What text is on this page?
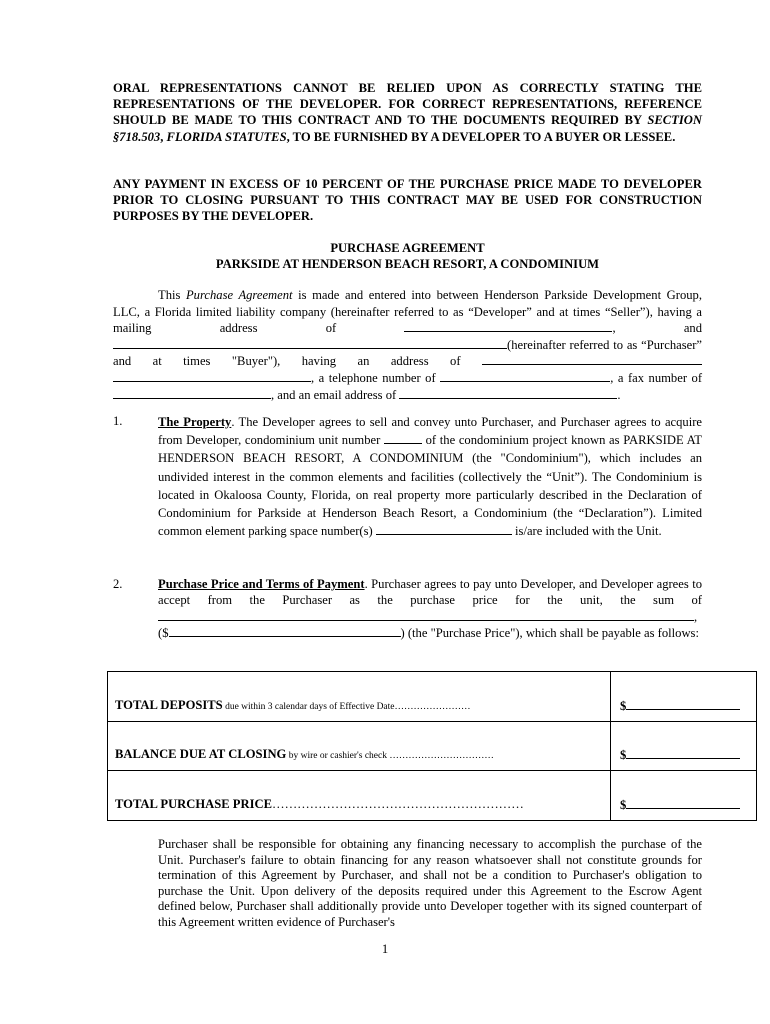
ORAL REPRESENTATIONS CANNOT BE RELIED UPON AS CORRECTLY STATING THE REPRESENTATIONS OF THE DEVELOPER. FOR CORRECT REPRESENTATIONS, REFERENCE SHOULD BE MADE TO THIS CONTRACT AND TO THE DOCUMENTS REQUIRED BY SECTION §718.503, FLORIDA STATUTES, TO BE FURNISHED BY A DEVELOPER TO A BUYER OR LESSEE.
ANY PAYMENT IN EXCESS OF 10 PERCENT OF THE PURCHASE PRICE MADE TO DEVELOPER PRIOR TO CLOSING PURSUANT TO THIS CONTRACT MAY BE USED FOR CONSTRUCTION PURPOSES BY THE DEVELOPER.
PURCHASE AGREEMENT
PARKSIDE AT HENDERSON BEACH RESORT, A CONDOMINIUM
This Purchase Agreement is made and entered into between Henderson Parkside Development Group, LLC, a Florida limited liability company (hereinafter referred to as “Developer” and at times “Seller”), having a mailing address of	, and (hereinafter referred to as “Purchaser” and at times "Buyer"), having an address of  , a telephone number of	, a fax number of , and an email address of	.
1.	The Property. The Developer agrees to sell and convey unto Purchaser, and Purchaser agrees to acquire from Developer, condominium unit number	of the condominium project known as PARKSIDE AT HENDERSON BEACH RESORT, A CONDOMINIUM (the "Condominium"), which includes an undivided interest in the common elements and facilities (collectively the “Unit”). The Condominium is located in Okaloosa County, Florida, on real property more particularly described in the Declaration of Condominium for Parkside at Henderson Beach Resort, a Condominium (the “Declaration”). Limited common element parking space number(s)	is/are included with the Unit.
2.	Purchase Price and Terms of Payment. Purchaser agrees to pay unto Developer, and Developer agrees to accept from the Purchaser as the purchase price for the unit, the sum of , ($	) (the "Purchase Price"), which shall be payable as follows:
TOTAL DEPOSITS due within 3 calendar days of Effective Date……………………	$
BALANCE DUE AT CLOSING by wire or cashier's check ……………………………	$
TOTAL PURCHASE PRICE……………………………………………………	$
Purchaser shall be responsible for obtaining any financing necessary to accomplish the purchase of the Unit. Purchaser's failure to obtain financing for any reason whatsoever shall not constitute grounds for termination of this Agreement by Purchaser, and shall not be a condition to Purchaser's obligation to purchase the Unit. Upon delivery of the deposits required under this Agreement to the Escrow Agent defined below, Purchaser shall additionally provide unto Developer together with its signed counterpart of this Agreement written evidence of Purchaser's
1
